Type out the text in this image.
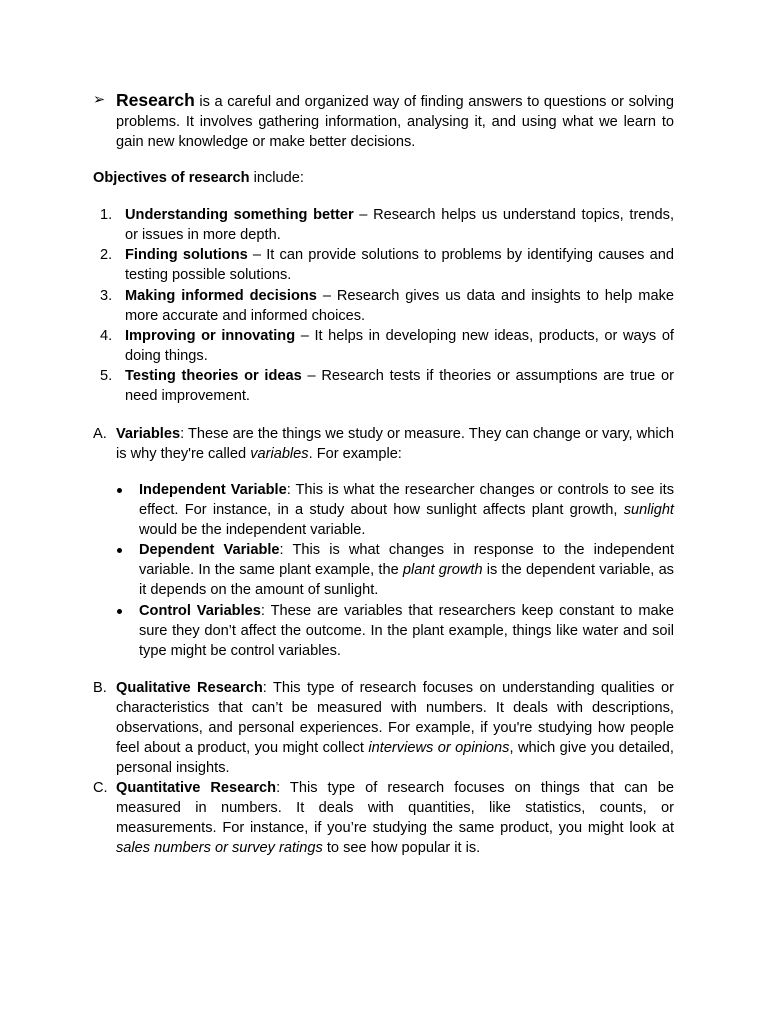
➢ Research is a careful and organized way of finding answers to questions or solving problems. It involves gathering information, analysing it, and using what we learn to gain new knowledge or make better decisions.
Objectives of research include:
1. Understanding something better – Research helps us understand topics, trends, or issues in more depth.
2. Finding solutions – It can provide solutions to problems by identifying causes and testing possible solutions.
3. Making informed decisions – Research gives us data and insights to help make more accurate and informed choices.
4. Improving or innovating – It helps in developing new ideas, products, or ways of doing things.
5. Testing theories or ideas – Research tests if theories or assumptions are true or need improvement.
A. Variables: These are the things we study or measure. They can change or vary, which is why they're called variables. For example:
Independent Variable: This is what the researcher changes or controls to see its effect. For instance, in a study about how sunlight affects plant growth, sunlight would be the independent variable.
Dependent Variable: This is what changes in response to the independent variable. In the same plant example, the plant growth is the dependent variable, as it depends on the amount of sunlight.
Control Variables: These are variables that researchers keep constant to make sure they don’t affect the outcome. In the plant example, things like water and soil type might be control variables.
B. Qualitative Research: This type of research focuses on understanding qualities or characteristics that can’t be measured with numbers. It deals with descriptions, observations, and personal experiences. For example, if you're studying how people feel about a product, you might collect interviews or opinions, which give you detailed, personal insights.
C. Quantitative Research: This type of research focuses on things that can be measured in numbers. It deals with quantities, like statistics, counts, or measurements. For instance, if you’re studying the same product, you might look at sales numbers or survey ratings to see how popular it is.
